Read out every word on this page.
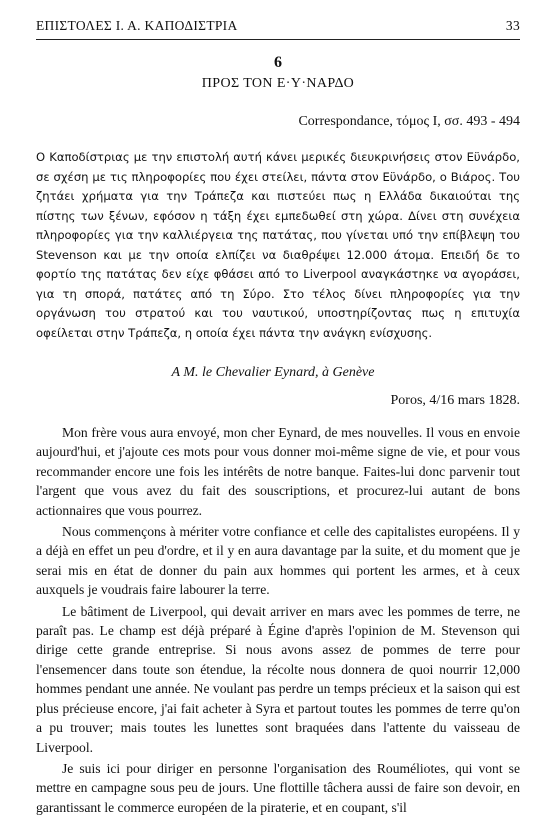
ΕΠΙΣΤΟΛΕΣ Ι. Α. ΚΑΠΟΔΙΣΤΡΙΑ	33
6
ΠΡΟΣ ΤΟΝ Ε·Υ·ΝΑΡΔΟ
Correspondance, τόμος I, σσ. 493 - 494
Ο Καποδίστριας με την επιστολή αυτή κάνει μερικές διευκρινήσεις στον Εϋνάρδο, σε σχέση με τις πληροφορίες που έχει στείλει, πάντα στον Εϋνάρδο, ο Βιάρος. Του ζητάει χρήματα για την Τράπεζα και πιστεύει πως η Ελλάδα δικαιούται της πίστης των ξένων, εφόσον η τάξη έχει εμπεδωθεί στη χώρα. Δίνει στη συνέχεια πληροφορίες για την καλλιέργεια της πατάτας, που γίνεται υπό την επίβλεψη του Stevenson και με την οποία ελπίζει να διαθρέψει 12.000 άτομα. Επειδή δε το φορτίο της πατάτας δεν είχε φθάσει από το Liverpool αναγκάστηκε να αγοράσει, για τη σπορά, πατάτες από τη Σύρο. Στο τέλος δίνει πληροφορίες για την οργάνωση του στρατού και του ναυτικού, υποστηρίζοντας πως η επιτυχία οφείλεται στην Τράπεζα, η οποία έχει πάντα την ανάγκη ενίσχυσης.
A M. le Chevalier Eynard, à Genève
Poros, 4/16 mars 1828.

Mon frère vous aura envoyé, mon cher Eynard, de mes nouvelles. Il vous en envoie aujourd'hui, et j'ajoute ces mots pour vous donner moi-même signe de vie, et pour vous recommander encore une fois les intérêts de notre banque. Faites-lui donc parvenir tout l'argent que vous avez du fait des souscriptions, et procurez-lui autant de bons actionnaires que vous pourrez.

Nous commençons à mériter votre confiance et celle des capitalistes européens. Il y a déjà en effet un peu d'ordre, et il y en aura davantage par la suite, et du moment que je serai mis en état de donner du pain aux hommes qui portent les armes, et à ceux auxquels je voudrais faire labourer la terre.

Le bâtiment de Liverpool, qui devait arriver en mars avec les pommes de terre, ne paraît pas. Le champ est déjà préparé à Égine d'après l'opinion de M. Stevenson qui dirige cette grande entreprise. Si nous avons assez de pommes de terre pour l'ensemencer dans toute son étendue, la récolte nous donnera de quoi nourrir 12,000 hommes pendant une année. Ne voulant pas perdre un temps précieux et la saison qui est plus précieuse encore, j'ai fait acheter à Syra et partout toutes les pommes de terre qu'on a pu trouver; mais toutes les lunettes sont braquées dans l'attente du vaisseau de Liverpool.

Je suis ici pour diriger en personne l'organisation des Rouméliotes, qui vont se mettre en campagne sous peu de jours. Une flottille tâchera aussi de faire son devoir, en garantissant le commerce européen de la piraterie, et en coupant, s'il
